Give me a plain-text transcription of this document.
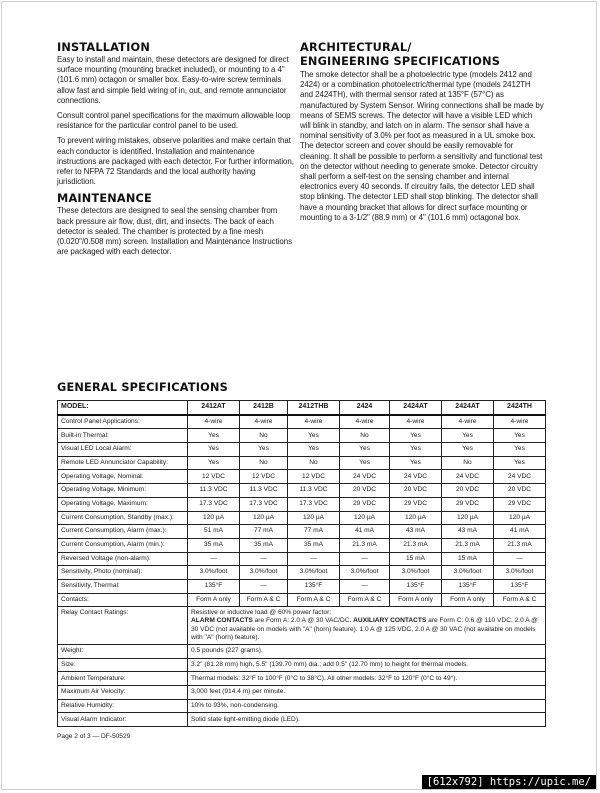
INSTALLATION

Easy to install and maintain, these detectors are designed for direct surface mounting (mounting bracket included), or mounting to a 4" (101.6 mm) octagon or smaller box. Easy-to-wire screw terminals allow fast and simple field wiring of in, out, and remote annunciator connections.

Consult control panel specifications for the maximum allowable loop resistance for the particular control panel to be used.

To prevent wiring mistakes, observe polarities and make certain that each conductor is identified. Installation and maintenance instructions are packaged with each detector. For further information, refer to NFPA 72 Standards and the local authority having jurisdiction.

MAINTENANCE

These detectors are designed to seal the sensing chamber from back pressure air flow, dust, dirt, and insects. The back of each detector is sealed. The chamber is protected by a fine mesh (0.020"/0.508 mm) screen. Installation and Maintenance Instructions are packaged with each detector.

ARCHITECTURAL/
ENGINEERING SPECIFICATIONS

The smoke detector shall be a photoelectric type (models 2412 and 2424) or a combination photoelectric/thermal type (models 2412TH and 2424TH), with thermal sensor rated at 135°F (57°C) as manufactured by System Sensor. Wiring connections shall be made by means of SEMS screws. The detector will have a visible LED which will blink in standby, and latch on in alarm. The sensor shall have a nominal sensitivity of 3.0% per foot as measured in a UL smoke box. The detector screen and cover should be easily removable for cleaning. It shall be possible to perform a sensitivity and functional test on the detector without needing to generate smoke. Detector circuitry shall perform a self-test on the sensing chamber and internal electronics every 40 seconds. If circuitry fails, the detector LED shall stop blinking. The detector LED shall stop blinking. The detector shall have a mounting bracket that allows for direct surface mounting or mounting to a 3-1/2" (88.9 mm) or 4" (101.6 mm) octagonal box.

GENERAL SPECIFICATIONS
MODEL:	2412AT	2412B	2412THB	2424	2424AT	2424AT	2424TH
Control Panel Applications:	4-wire	4-wire	4-wire	4-wire	4-wire	4-wire	4-wire
Built-in Thermal:	Yes	No	Yes	No	Yes	Yes	Yes
Visual LED Local Alarm:	Yes	Yes	Yes	Yes	Yes	Yes	Yes
Remote LED Annunciator Capability:	Yes	No	No	Yes	Yes	No	Yes
Operating Voltage, Nominal:	12 VDC	12 VDC	12 VDC	24 VDC	24 VDC	24 VDC	24 VDC
Operating Voltage, Minimum:	11.3 VDC	11.3 VDC	11.3 VDC	20 VDC	20 VDC	20 VDC	20 VDC
Operating Voltage, Maximum:	17.3 VDC	17.3 VDC	17.3 VDC	29 VDC	29 VDC	29 VDC	29 VDC
Current Consumption, Standby (max.):	120 µA	120 µA	120 µA	120 µA	120 µA	120 µA	120 µA
Current Consumption, Alarm (max.):	51 mA	77 mA	77 mA	41 mA	43 mA	43 mA	41 mA
Current Consumption, Alarm (min.):	35 mA	35 mA	35 mA	21.3 mA	21.3 mA	21.3 mA	21.3 mA
Reversed Voltage (non-alarm):	—	—	—	—	15 mA	15 mA	—
Sensitivity, Photo (nominal):	3.0%/foot	3.0%/foot	3.0%/foot	3.0%/foot	3.0%/foot	3.0%/foot	3.0%/foot
Sensitivity, Thermal:	135°F	—	135°F	—	135°F	135°F	135°F
Contacts:	Form A only	Form A & C	Form A & C	Form A & C	Form A only	Form A only	Form A & C
Relay Contact Ratings:	Resistive or inductive load @ 60% power factor:
ALARM CONTACTS are Form A: 2.0 A @ 30 VAC/DC. AUXILIARY CONTACTS are Form C: 0.6 @ 110 VDC, 2.0 A @ 30 VDC (not available on models with "A" (horn) feature). 1.0 A @ 125 VDC, 2.0 A @ 30 VAC (not available on models with "A" (horn) feature).						
Weight:	0.5 pounds (227 grams).						
Size:	3.2" (81.28 mm) high, 5.5" (139.70 mm) dia.; add 0.5" (12.70 mm) to height for thermal models.						
Ambient Temperature:	Thermal models: 32°F to 100°F (0°C to 38°C). All other models: 32°F to 120°F (0°C to 49°).						
Maximum Air Velocity:	3,000 feet (914.4 m) per minute.						
Relative Humidity:	10% to 93%, non-condensing.						
Visual Alarm Indicator:	Solid state light-emitting diode (LED).						
Page 2 of 3 — DF-50529
[612x792] https://upic.me/
